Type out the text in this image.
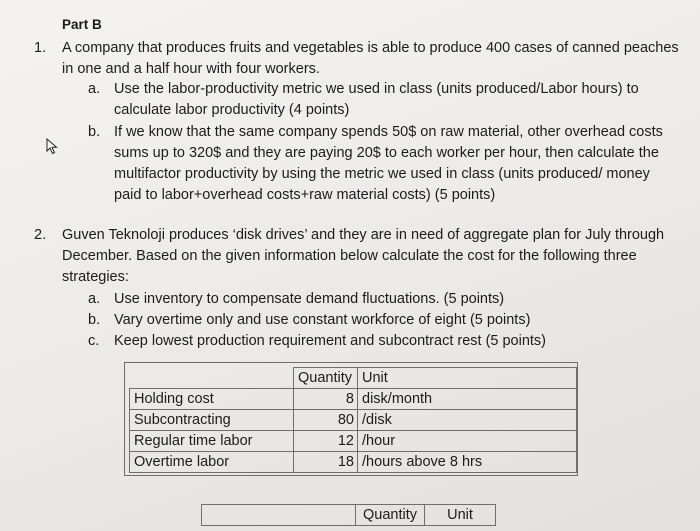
Part B
1. A company that produces fruits and vegetables is able to produce 400 cases of canned peaches
in one and a half hour with four workers.
a. Use the labor-productivity metric we used in class (units produced/Labor hours) to
calculate labor productivity (4 points)
b. If we know that the same company spends 50$ on raw material, other overhead costs
sums up to 320$ and they are paying 20$ to each worker per hour, then calculate the
multifactor productivity by using the metric we used in class (units produced/ money
paid to labor+overhead costs+raw material costs) (5 points)
2. Guven Teknoloji produces ‘disk drives’ and they are in need of aggregate plan for July through
December. Based on the given information below calculate the cost for the following three
strategies:
a. Use inventory to compensate demand fluctuations. (5 points)
b. Vary overtime only and use constant workforce of eight (5 points)
c. Keep lowest production requirement and subcontract rest (5 points)
	Quantity	Unit
Holding cost	8	disk/month
Subcontracting	80	/disk
Regular time labor	12	/hour
Overtime labor	18	/hours above 8 hrs
	Quantity	Unit
